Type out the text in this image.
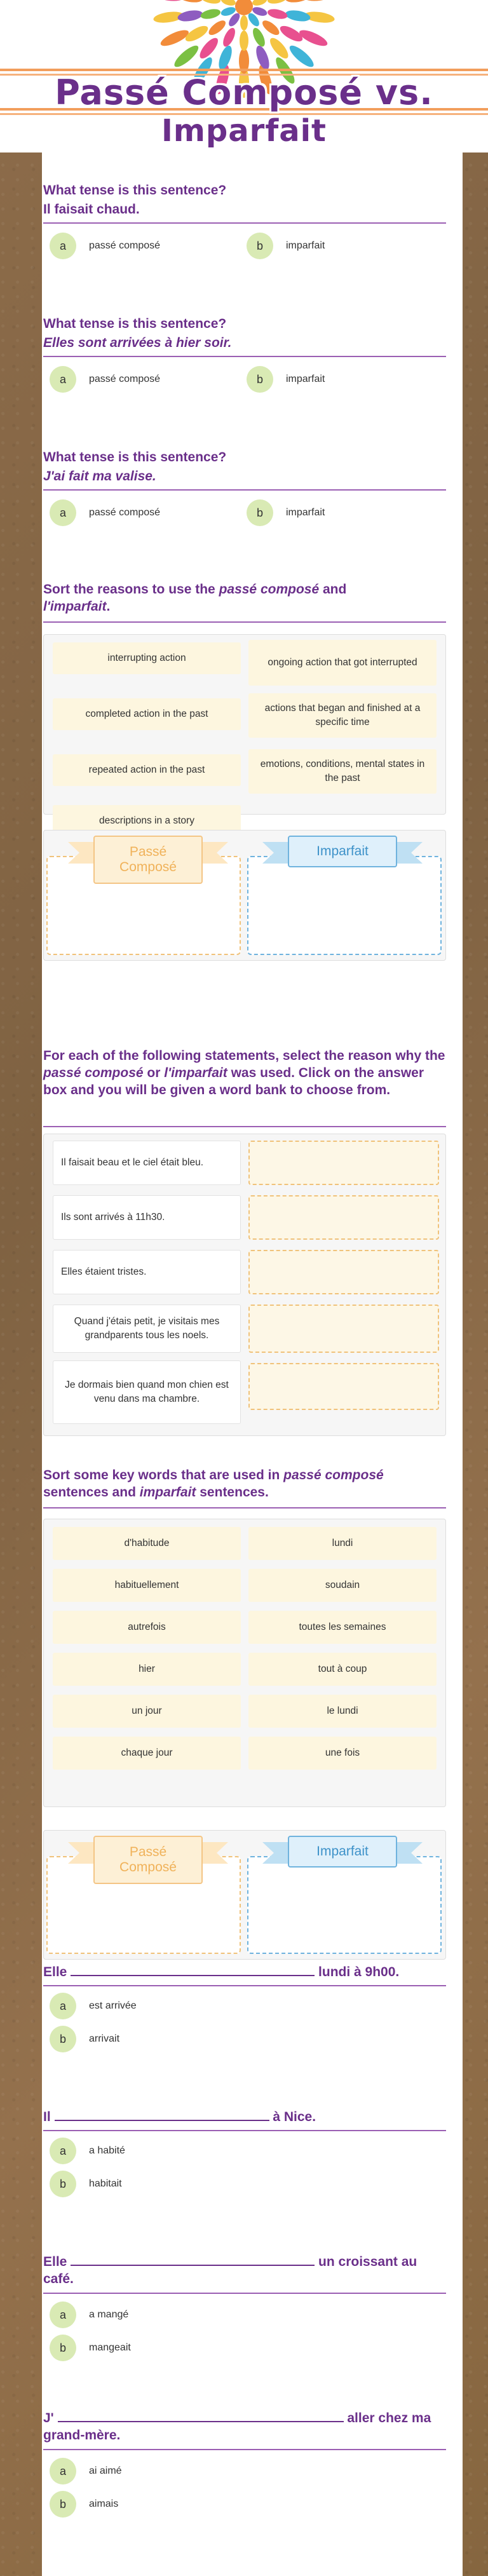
Passé Composé vs.
Imparfait
What tense is this sentence?
Il faisait chaud.
a	passé composé	b	imparfait
What tense is this sentence?
Elles sont arrivées à hier soir.
a	passé composé	b	imparfait
What tense is this sentence?
J'ai fait ma valise.
a	passé composé	b	imparfait
Sort the reasons to use the passé composé and
l'imparfait.
interrupting action	ongoing action that got interrupted
completed action in the past
actions that began and finished at a specific time
repeated action in the past
emotions, conditions, mental states in the past
descriptions in a story
Passé Composé
Imparfait
For each of the following statements, select the reason why the passé composé or l'imparfait was used. Click on the answer box and you will be given a word bank to choose from.
Il faisait beau et le ciel était bleu.
Ils sont arrivés à 11h30.
Elles étaient tristes.
Quand j'étais petit, je visitais mes grandparents tous les noels.
Je dormais bien quand mon chien est venu dans ma chambre.
Sort some key words that are used in passé composé
sentences and imparfait sentences.
d'habitude	lundi
habituellement	soudain
autrefois	toutes les semaines
hier	tout à coup
un jour	le lundi
chaque jour	une fois
Passé Composé
Imparfait
Elle	lundi à 9h00.
a	est arrivée
b	arrivait
Il	à Nice.
a	a habité
b	habitait
Elle	un croissant au café.
a	a mangé
b	mangeait
J'	aller chez ma grand-mère.
a	ai aimé
b	aimais
